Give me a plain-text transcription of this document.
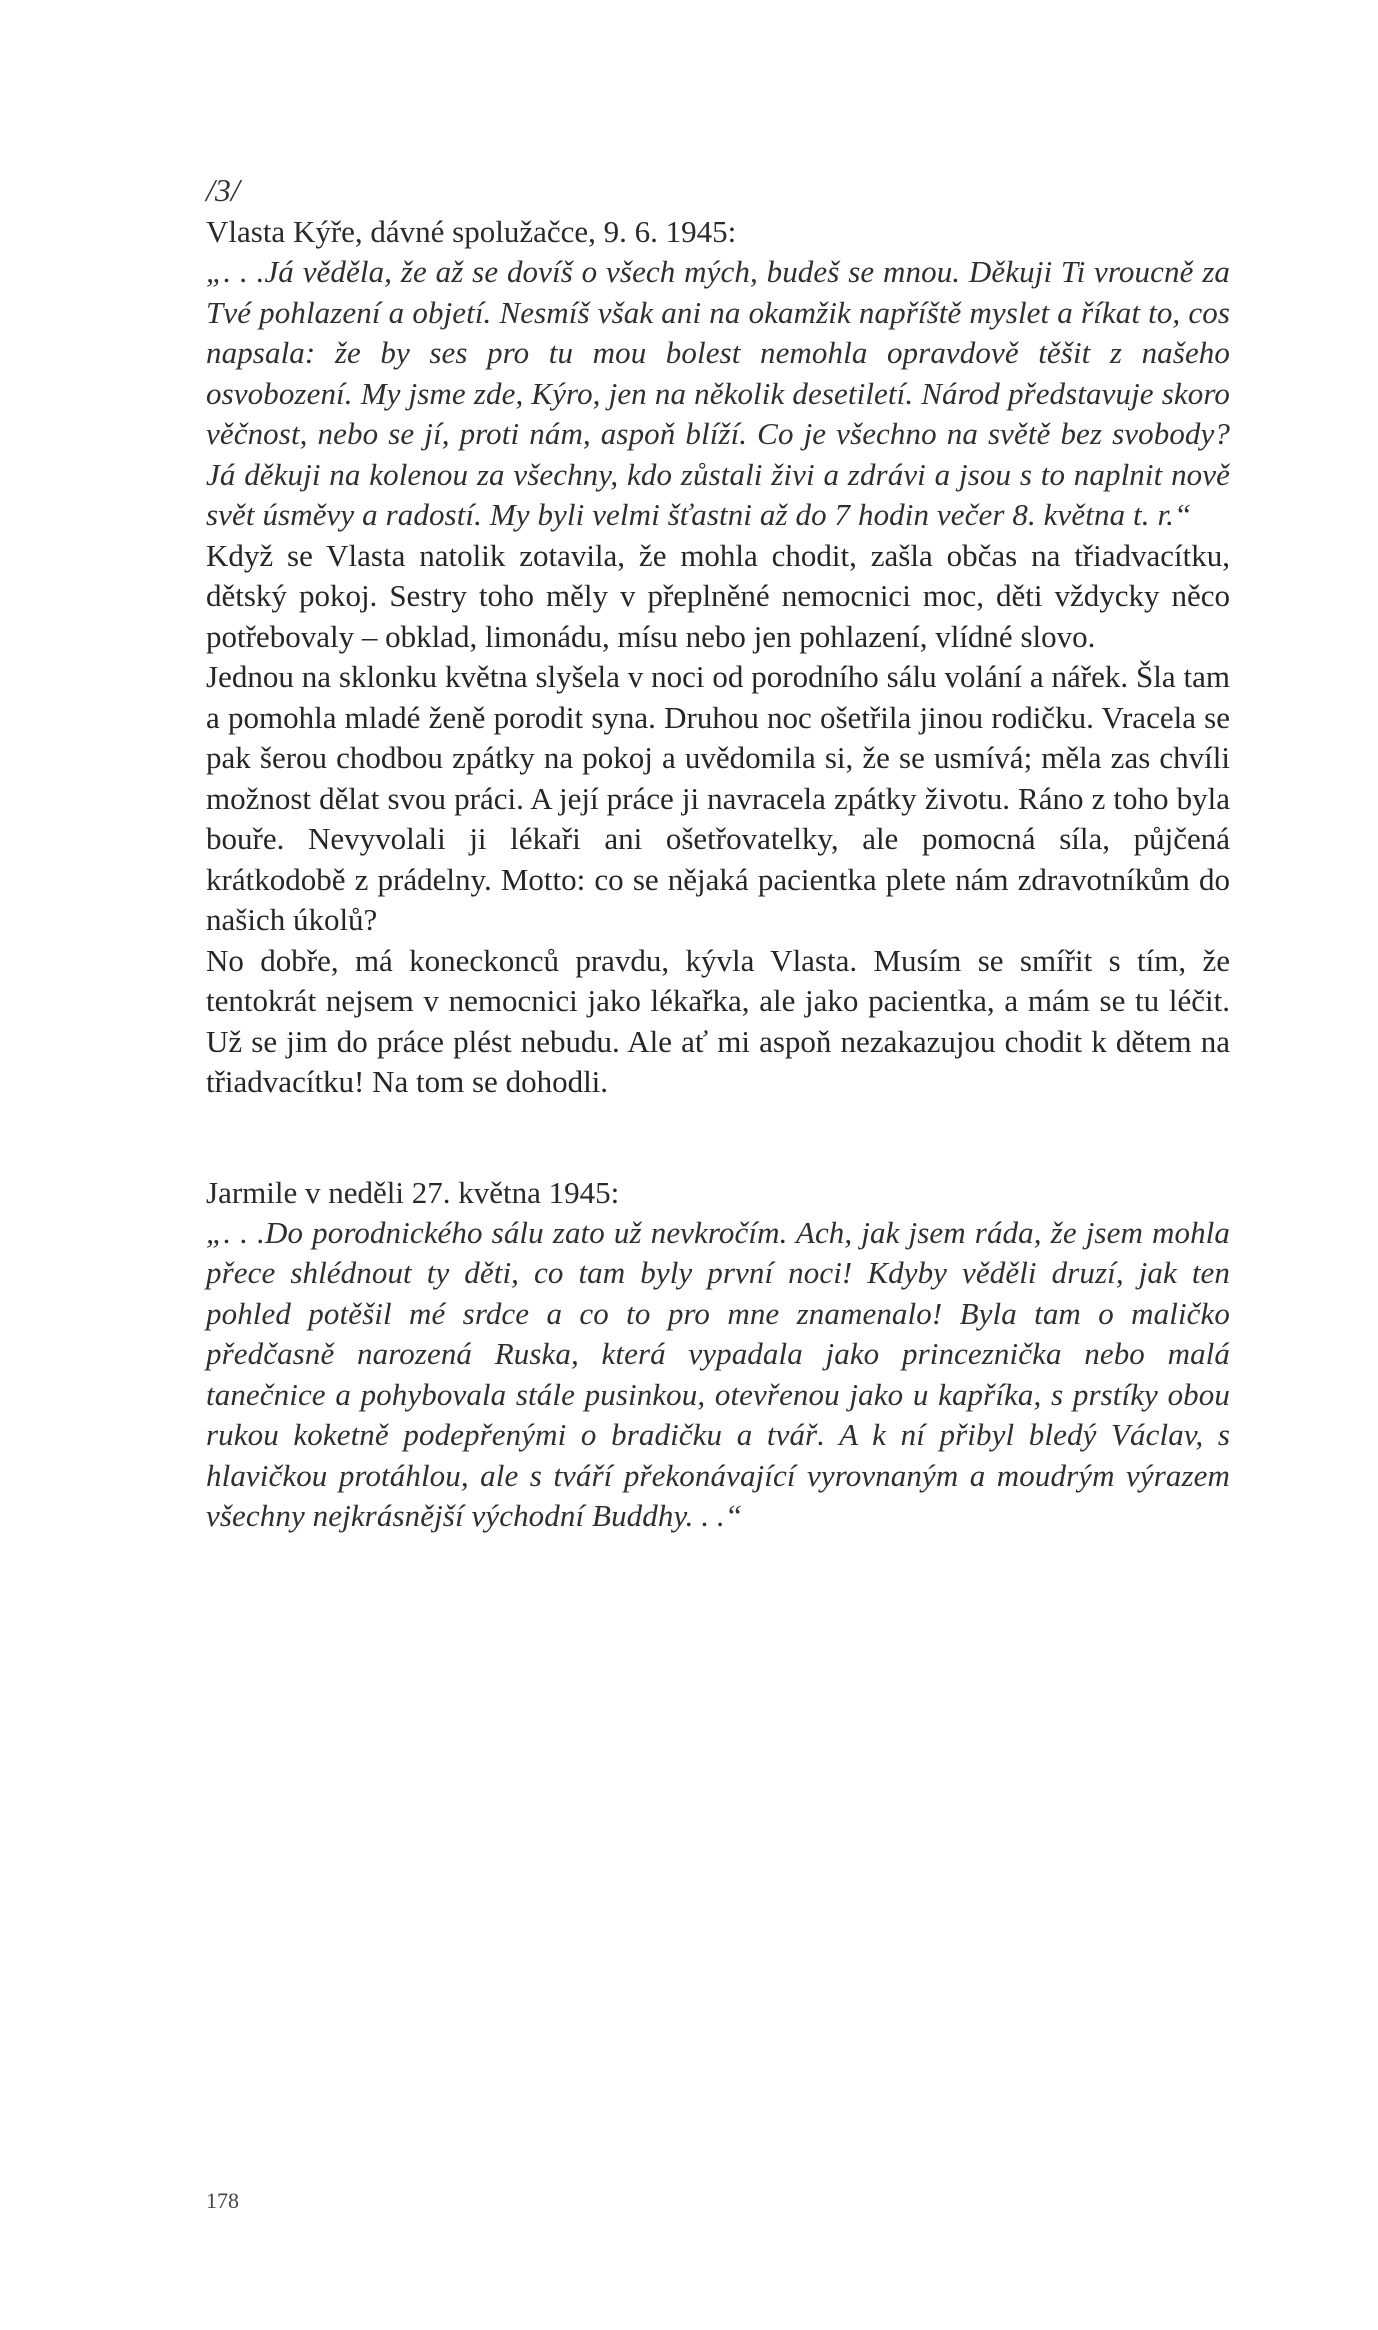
/3/

Vlasta Kýře, dávné spolužačce, 9. 6. 1945:

„. . .Já věděla, že až se dovíš o všech mých, budeš se mnou. Děkuji Ti vroucně za Tvé pohlazení a objetí. Nesmíš však ani na okamžik napříště myslet a říkat to, cos napsala: že by ses pro tu mou bolest nemohla opravdově těšit z našeho osvobození. My jsme zde, Kýro, jen na několik desetiletí. Národ představuje skoro věčnost, nebo se jí, proti nám, aspoň blíží. Co je všechno na světě bez svobody? Já děkuji na kolenou za všechny, kdo zůstali živi a zdrávi a jsou s to naplnit nově svět úsměvy a radostí. My byli velmi šťastni až do 7 hodin večer 8. května t. r.“

Když se Vlasta natolik zotavila, že mohla chodit, zašla občas na třiadvacítku, dětský pokoj. Sestry toho měly v přeplněné nemocnici moc, děti vždycky něco potřebovaly – obklad, limonádu, mísu nebo jen pohlazení, vlídné slovo.

Jednou na sklonku května slyšela v noci od porodního sálu volání a nářek. Šla tam a pomohla mladé ženě porodit syna. Druhou noc ošetřila jinou rodičku. Vracela se pak šerou chodbou zpátky na pokoj a uvědomila si, že se usmívá; měla zas chvíli možnost dělat svou práci. A její práce ji navracela zpátky životu. Ráno z toho byla bouře. Nevyvolali ji lékaři ani ošetřovatelky, ale pomocná síla, půjčená krátkodobě z prádelny. Motto: co se nějaká pacientka plete nám zdravotníkům do našich úkolů?

No dobře, má koneckonců pravdu, kývla Vlasta. Musím se smířit s tím, že tentokrát nejsem v nemocnici jako lékařka, ale jako pacientka, a mám se tu léčit. Už se jim do práce plést nebudu. Ale ať mi aspoň nezakazujou chodit k dětem na třiadvacítku! Na tom se dohodli.

Jarmile v neděli 27. května 1945:

„. . .Do porodnického sálu zato už nevkročím. Ach, jak jsem ráda, že jsem mohla přece shlédnout ty děti, co tam byly první noci! Kdyby věděli druzí, jak ten pohled potěšil mé srdce a co to pro mne znamenalo! Byla tam o maličko předčasně narozená Ruska, která vypadala jako princeznička nebo malá tanečnice a pohybovala stále pusinkou, otevřenou jako u kapříka, s prstíky obou rukou koketně podepřenými o bradičku a tvář. A k ní přibyl bledý Václav, s hlavičkou protáhlou, ale s tváří překonávající vyrovnaným a moudrým výrazem všechny nejkrásnější východní Buddhy. . .“

178
